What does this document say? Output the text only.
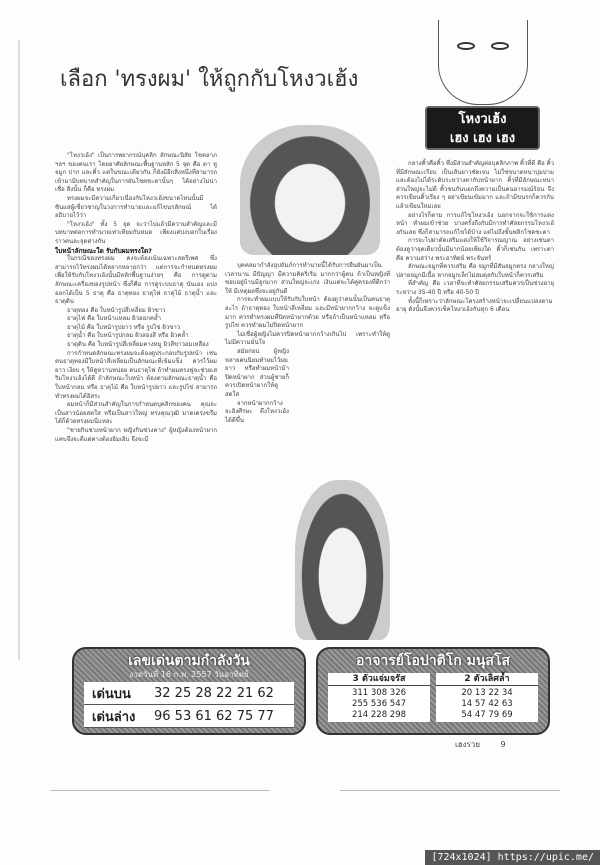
เลือก 'ทรงผม' ให้ถูกกับโหงวเฮ้ง
โหงวเฮ้ง
เฮง เฮง เฮง

"โหงวเฮ้ง" เป็นการพยากรณ์บุคลิก ลักษณะนิสัย โชคลาภ ฯลฯ ของคนเรา โดยอาศัยลักษณะพื้นฐานหลัก 5 จุด คือ ตา หู จมูก ปาก และคิ้ว แต่ในขณะเดียวกัน ก็ยังมีอีกสิ่งหนึ่งที่สามารถเข้ามามีบทบาทสำคัญในการผันโชคชะตานั้นๆ ได้อย่างไม่น่าเชื่อ สิ่งนั้น ก็คือ ทรงผม

ทรงผมจะมีความเกี่ยวเนื่องกับโหงวเฮ้งขนาดไหนนั้นมีซินแสผู้เชี่ยวชาญในวงการทำนายและแก้ไขนรลักษณ์ ได้อธิบายไว้ว่า

"โหงวเฮ้ง" ทั้ง 5 จุด จะว่าไปแล้วมีความสำคัญและมีบทบาทต่อการทำนายเท่าเทียมกันหมด เพียงแต่บ่งบอกในเรื่องราวคนละจุดต่างกัน

ใบหน้าลักษณะใด รับกับผมทรงใด?

ในกรณีของทรงผม คงจะต้องเน้นเฉพาะสตรีเพศ ซึ่งสามารถไว้ทรงผมได้หลากหลายกว่า แต่การจะกำหนดทรงผมเพื่อให้รับกับโหงวเฮ้งนั้นมีหลักพื้นฐานง่ายๆ คือ การดูตามลักษณะเครื่องของรูปหน้า ซึ่งก็คือ การดูระบบธาตุ นั่นเอง แบ่งออกได้เป็น 5 ธาตุ คือ ธาตุทอง ธาตุไฟ ธาตุไม้ ธาตุน้ำ และธาตุดิน

ธาตุทอง คือ ใบหน้ารูปสี่เหลี่ยม ผิวขาว

ธาตุไฟ คือ ใบหน้าแหลม ผิวออกคล้ำ

ธาตุไม้ คือ ใบหน้ารูปยาว หรือ รูปไข่ ผิวขาว

ธาตุน้ำ คือ ใบหน้ารูปกลม ผิวสองสี หรือ ผิวคล้ำ

ธาตุดิน คือ ใบหน้ารูปสี่เหลี่ยมคางหมู ผิวสีขาวอมเหลือง

การกำหนดลักษณะทรงผมจะต้องดูประกอบกับรูปหน้า เช่น คนธาตุทองมีใบหน้าสี่เหลี่ยมเป็นลักษณะที่เข้มแข็ง ควรไว้ผมยาว เงียบ ๆ ให้ดูหวานหน่อย คนธาตุไฟ ถ้าทำผมตรงฟูจะช่วยเสริมโหงวเฮ้งได้ดี ถ้าลักษณะใบหน้า ต้องตามลักษณะธาตุน้ำ คือ ใบหน้ากลม หรือ ธาตุไม้ คือ ใบหน้ารูปยาว และรูปไข่ สามารถทำทรงผมได้อิสระ

ผมหน้าก็มีส่วนสำคัญในการกำหนดบุคลิกของคน คุณจะเป็นสาวน้อยสดใส หรือเป็นสาวใหญ่ ทรงคุณวุฒิ มาดเคร่งขรึมได้ก็ด้วยทรงผมนี่แหละ

"ชายกินช่วงหน้าผาก หญิงกินช่วงคาง" ผู้หญิงต้องหน้าผากแคบจึงจะดีแต่คางต้องอิ่มเอิบ จึงจะมี

บุคคลมากำลังอุปถัมภ์การทำนายนี้ได้รับการยืนยันมาเป็นเวลานาน มีปัญญา มีความคิดริเริ่ม มากกว่าผู้คน ถ้าเป็นหญิงที่ชอบอยู่บ้านมีลูกมาก ส่วนใหญ่จะเก่ง เงินแต่จะได้คู่ครองที่ดีกว่าให้ มีเหตุผลซึ่งจะอยู่กันดี

การจะทำผมแบบให้รับกับใบหน้า ต้องดูว่าคนนั้นเป็นคนธาตุอะไร ถ้าธาตุทอง ใบหน้าสี่เหลี่ยม และมีหน้าผากกว้าง จะดูแข็งมาก ควรทำทรงผมที่ปิดหน้าผากด้วย หรือถ้าเป็นหน้าแหลม หรือรูปไข่ ควรทำผมไม่ปิดหน้าผาก

ไม่เชื่อผู้หญิงไม่ควรปิดหน้าผากกว้างเกินไป เพราะทำให้ดูไม่มีความมั่นใจ

สมัยก่อน ผู้หญิงหลายคนนิยมทำผมไว้ผมยาว หรือทำผมหน้าม้าปิดหน้าผาก ส่วนผู้ชายก็ควรเปิดหน้าผากให้ดูสดใส

จากหน้าผากกว้าง จะอิงศีรษะ ดึงโหงวเฮ้งได้ดีขึ้น

กลางคิ้วคือคิ้ว ซึ่งมีส่วนสำคัญต่อบุคลิกภาพ คิ้วที่ดี คือ คิ้วที่มีลักษณะเรียบ เป็นเส้นยาวชัดเจน ไม่ใช่ขนาดหนาบุ่มบ่าม และต้องไม่ได้ระดับระหว่างตากับหน้าผาก คิ้วที่มีลักษณะหนาส่วนใหญ่จะไม่ดี คิ้วขนกันบอกถึงความเป็นคนอารมณ์ร้อน จึงควรเขียนคิ้วเรียง ๆ อย่าเขียนเข้มมาก และถ้ามีขนรกก็ควรกันแล้วเขียนใหม่เลย

อย่างไรก็ตาม การแก้ไขโหงวเฮ้ง นอกจากจะใช้การแต่งหน้า ทำผมเข้าช่วย บางครั้งถึงกับมีการทำศัลยกรรมโหงวเฮ้งกันเลย ซึ่งก็สามารถแก้ไขได้บ้าง แต่ไม่ถึงขั้นพลิกโชคชะตา

การจะไปผ่าตัดเสริมแต่งให้ใช้วิจารณญาณ อย่างเช่นตา ต้องดูว่าจุดเดียวนั้นมีมากน้อยเพียงใด คิ้วก็เช่นกัน เพราะตา คือ ความสว่าง พระอาทิตย์ พระจันทร์

ลักษณะจมูกที่ควรเสริม คือ จมูกที่มีสันจมูกตรง กลางใหญ่ปลายจมูกมีเนื้อ หากจมูกเล็กไม่สมดุลกับใบหน้าก็ควรเสริม

ที่สำคัญ คือ เวลาที่จะทำศัลยกรรมเสริมควรเป็นช่วงอายุระหว่าง 35-40 ปี หรือ 40-50 ปี

ทั้งนี้ก็เพราะว่าลักษณะโครงสร้างหน้าจะเปลี่ยนแปลงตามอายุ ดังนั้นจึงควรเช็คโหงวเฮ้งกันทุก 6 เดือน

เลขเด่นตามกำลังวัน
งวดวันที่ 16 ก.พ. 2557 วันอาทิตย์
เด่นบน	32 25 28 22 21 62
เด่นล่าง	96 53 61 62 75 77
อาจารย์โอปาติโก มนุสโส
3 ตัวแจ่มจรัส
311 308 326
255 536 547
214 228 298
2 ตัวเลิศล้ำ
20 13 22 34
14 57 42 63
54 47 79 69
เฮงรวย	9
[724x1024] https://upic.me/
